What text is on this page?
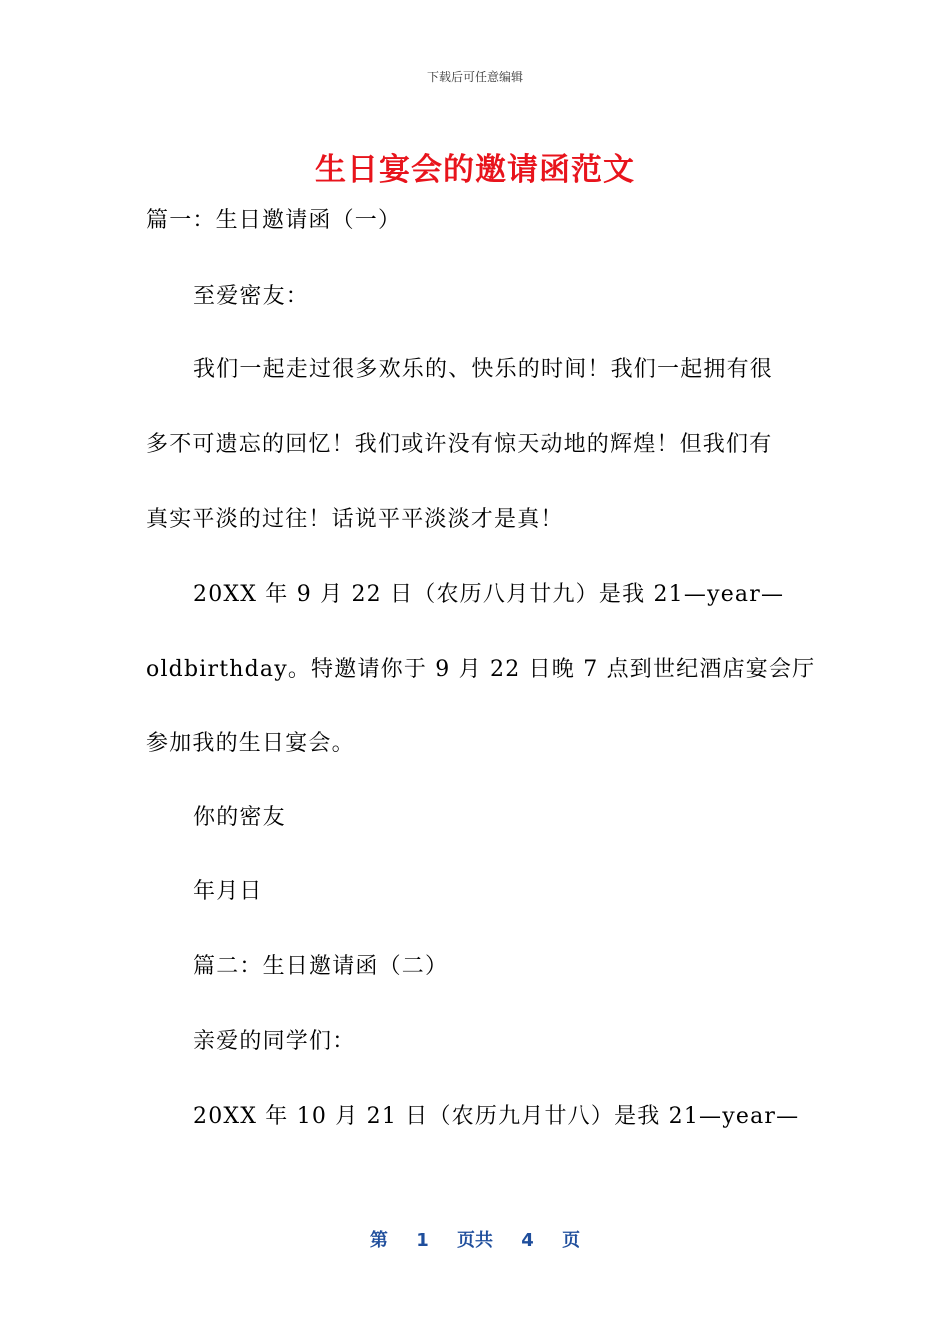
下载后可任意编辑
生日宴会的邀请函范文
篇一：生日邀请函（一）
至爱密友：
我们一起走过很多欢乐的、快乐的时间！我们一起拥有很
多不可遗忘的回忆！我们或许没有惊天动地的辉煌！但我们有
真实平淡的过往！话说平平淡淡才是真！
20XX 年 9 月 22 日（农历八月廿九）是我 21—year—
oldbirthday。特邀请你于 9 月 22 日晚 7 点到世纪酒店宴会厅
参加我的生日宴会。
你的密友
年月日
篇二：生日邀请函（二）
亲爱的同学们：
20XX 年 10 月 21 日（农历九月廿八）是我 21—year—
第 1 页共 4 页
